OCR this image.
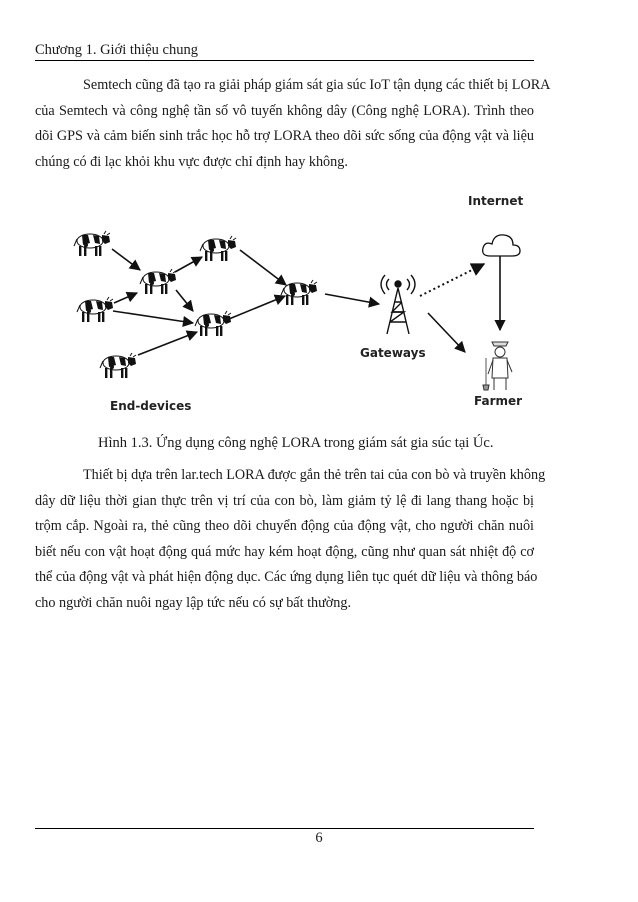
Chương 1. Giới thiệu chung

Semtech cũng đã tạo ra giải pháp giám sát gia súc IoT tận dụng các thiết bị LORA
của Semtech và công nghệ tần số vô tuyến không dây (Công nghệ LORA). Trình theo
dõi GPS và cảm biến sinh trắc học hỗ trợ LORA theo dõi sức sống của động vật và liệu
chúng có đi lạc khỏi khu vực được chỉ định hay không.

Internet
Gateways
End-devices	Farmer
Hình 1.3. Ứng dụng công nghệ LORA trong giám sát gia súc tại Úc.

Thiết bị dựa trên lar.tech LORA được gắn thẻ trên tai của con bò và truyền không
dây dữ liệu thời gian thực trên vị trí của con bò, làm giảm tỷ lệ đi lang thang hoặc bị
trộm cắp. Ngoài ra, thẻ cũng theo dõi chuyển động của động vật, cho người chăn nuôi
biết nếu con vật hoạt động quá mức hay kém hoạt động, cũng như quan sát nhiệt độ cơ
thể của động vật và phát hiện động dục. Các ứng dụng liên tục quét dữ liệu và thông báo
cho người chăn nuôi ngay lập tức nếu có sự bất thường.

6
